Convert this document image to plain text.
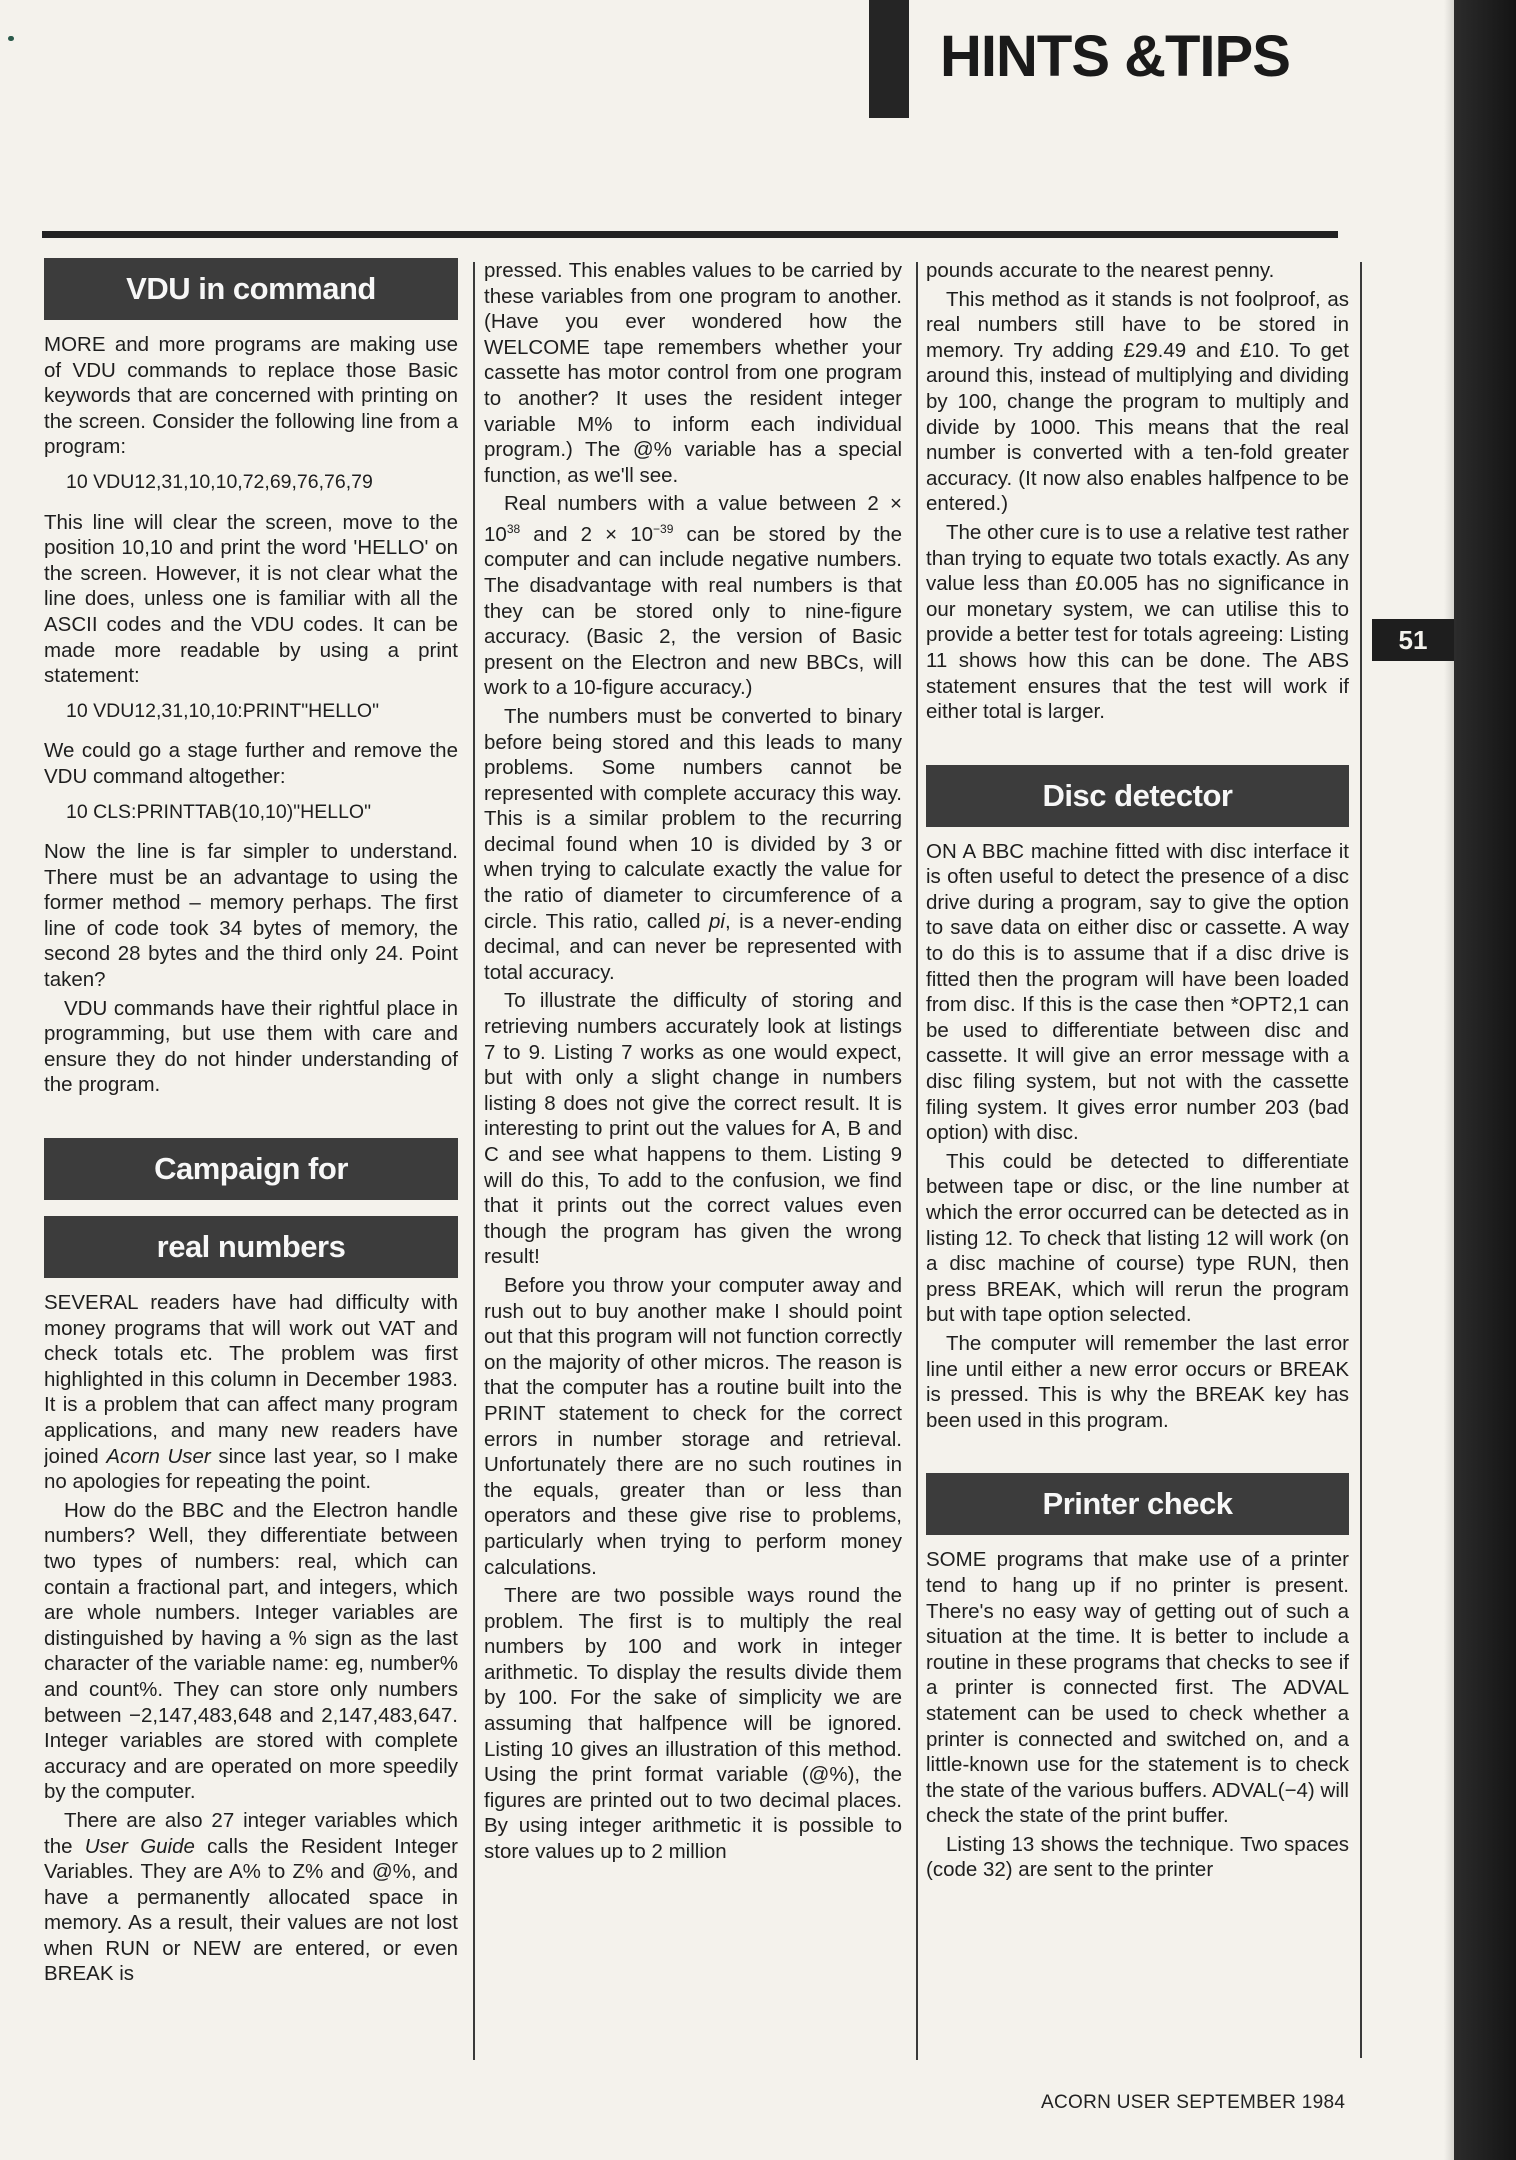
HINTS &TIPS
51
VDU in command

MORE and more programs are making use of VDU commands to replace those Basic keywords that are concerned with printing on the screen. Consider the following line from a program:

10 VDU12,31,10,10,72,69,76,76,79

This line will clear the screen, move to the position 10,10 and print the word 'HELLO' on the screen. However, it is not clear what the line does, unless one is familiar with all the ASCII codes and the VDU codes. It can be made more readable by using a print statement:

10 VDU12,31,10,10:PRINT"HELLO"

We could go a stage further and remove the VDU command altogether:

10 CLS:PRINTTAB(10,10)"HELLO"

Now the line is far simpler to understand. There must be an advantage to using the former method – memory perhaps. The first line of code took 34 bytes of memory, the second 28 bytes and the third only 24. Point taken?

VDU commands have their rightful place in programming, but use them with care and ensure they do not hinder understanding of the program.

Campaign for
real numbers

SEVERAL readers have had difficulty with money programs that will work out VAT and check totals etc. The problem was first highlighted in this column in December 1983. It is a problem that can affect many program applications, and many new readers have joined Acorn User since last year, so I make no apologies for repeating the point.

How do the BBC and the Electron handle numbers? Well, they differentiate between two types of numbers: real, which can contain a fractional part, and integers, which are whole numbers. Integer variables are distinguished by having a % sign as the last character of the variable name: eg, number% and count%. They can store only numbers between −2,147,483,648 and 2,147,483,647. Integer variables are stored with complete accuracy and are operated on more speedily by the computer.

There are also 27 integer variables which the User Guide calls the Resident Integer Variables. They are A% to Z% and @%, and have a permanently allocated space in memory. As a result, their values are not lost when RUN or NEW are entered, or even BREAK is

pressed. This enables values to be carried by these variables from one program to another. (Have you ever wondered how the WELCOME tape remembers whether your cassette has motor control from one program to another? It uses the resident integer variable M% to inform each individual program.) The @% variable has a special function, as we'll see.

Real numbers with a value between $2 \times 10^{38}$ and $2 \times 10^{-39}$ can be stored by the computer and can include negative numbers. The disadvantage with real numbers is that they can be stored only to nine-figure accuracy. (Basic 2, the version of Basic present on the Electron and new BBCs, will work to a 10-figure accuracy.)

The numbers must be converted to binary before being stored and this leads to many problems. Some numbers cannot be represented with complete accuracy this way. This is a similar problem to the recurring decimal found when 10 is divided by 3 or when trying to calculate exactly the value for the ratio of diameter to circumference of a circle. This ratio, called pi, is a never-ending decimal, and can never be represented with total accuracy.

To illustrate the difficulty of storing and retrieving numbers accurately look at listings 7 to 9. Listing 7 works as one would expect, but with only a slight change in numbers listing 8 does not give the correct result. It is interesting to print out the values for A, B and C and see what happens to them. Listing 9 will do this, To add to the confusion, we find that it prints out the correct values even though the program has given the wrong result!

Before you throw your computer away and rush out to buy another make I should point out that this program will not function correctly on the majority of other micros. The reason is that the computer has a routine built into the PRINT statement to check for the correct errors in number storage and retrieval. Unfortunately there are no such routines in the equals, greater than or less than operators and these give rise to problems, particularly when trying to perform money calculations.

There are two possible ways round the problem. The first is to multiply the real numbers by 100 and work in integer arithmetic. To display the results divide them by 100. For the sake of simplicity we are assuming that halfpence will be ignored. Listing 10 gives an illustration of this method. Using the print format variable (@%), the figures are printed out to two decimal places. By using integer arithmetic it is possible to store values up to 2 million

pounds accurate to the nearest penny.

This method as it stands is not foolproof, as real numbers still have to be stored in memory. Try adding £29.49 and £10. To get around this, instead of multiplying and dividing by 100, change the program to multiply and divide by 1000. This means that the real number is converted with a ten-fold greater accuracy. (It now also enables halfpence to be entered.)

The other cure is to use a relative test rather than trying to equate two totals exactly. As any value less than £0.005 has no significance in our monetary system, we can utilise this to provide a better test for totals agreeing: Listing 11 shows how this can be done. The ABS statement ensures that the test will work if either total is larger.

Disc detector

ON A BBC machine fitted with disc interface it is often useful to detect the presence of a disc drive during a program, say to give the option to save data on either disc or cassette. A way to do this is to assume that if a disc drive is fitted then the program will have been loaded from disc. If this is the case then *OPT2,1 can be used to differentiate between disc and cassette. It will give an error message with a disc filing system, but not with the cassette filing system. It gives error number 203 (bad option) with disc.

This could be detected to differentiate between tape or disc, or the line number at which the error occurred can be detected as in listing 12. To check that listing 12 will work (on a disc machine of course) type RUN, then press BREAK, which will rerun the program but with tape option selected.

The computer will remember the last error line until either a new error occurs or BREAK is pressed. This is why the BREAK key has been used in this program.

Printer check

SOME programs that make use of a printer tend to hang up if no printer is present. There's no easy way of getting out of such a situation at the time. It is better to include a routine in these programs that checks to see if a printer is connected first. The ADVAL statement can be used to check whether a printer is connected and switched on, and a little-known use for the statement is to check the state of the various buffers. ADVAL(−4) will check the state of the print buffer.

Listing 13 shows the technique. Two spaces (code 32) are sent to the printer

ACORN USER SEPTEMBER 1984
